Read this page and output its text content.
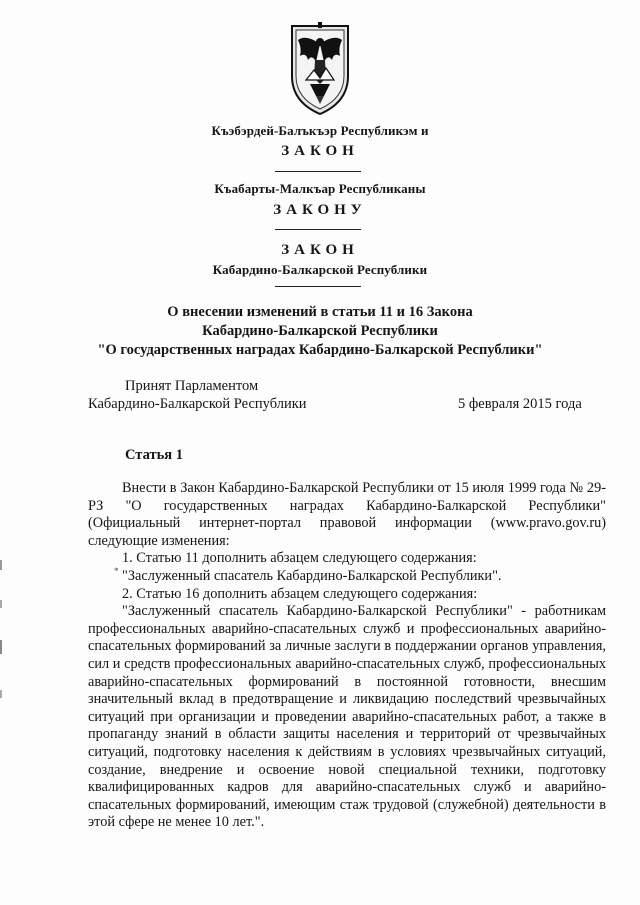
Къэбэрдей-Балъкъэр Республикэм и
ЗАКОН
Къабарты-Малкъар Республиканы
ЗАКОНУ
ЗАКОН
Кабардино-Балкарской Республики
О внесении изменений в статьи 11 и 16 Закона
Кабардино-Балкарской Республики
"О государственных наградах Кабардино-Балкарской Республики"
Принят Парламентом
Кабардино-Балкарской Республики	5 февраля 2015 года
Статья 1

Внести в Закон Кабардино-Балкарской Республики от 15 июля 1999 года № 29-РЗ "О государственных наградах Кабардино-Балкарской Республики" (Официальный интернет-портал правовой информации (www.pravo.gov.ru) следующие изменения:

1. Статью 11 дополнить абзацем следующего содержания:

"Заслуженный спасатель Кабардино-Балкарской Республики".

2. Статью 16 дополнить абзацем следующего содержания:

"Заслуженный спасатель Кабардино-Балкарской Республики" - работникам профессиональных аварийно-спасательных служб и профессиональных аварийно-спасательных формирований за личные заслуги в поддержании органов управления, сил и средств профессиональных аварийно-спасательных служб, профессиональных аварийно-спасательных формирований в постоянной готовности, внесшим значительный вклад в предотвращение и ликвидацию последствий чрезвычайных ситуаций при организации и проведении аварийно-спасательных работ, а также в пропаганду знаний в области защиты населения и территорий от чрезвычайных ситуаций, подготовку населения к действиям в условиях чрезвычайных ситуаций, создание, внедрение и освоение новой специальной техники, подготовку квалифицированных кадров для аварийно-спасательных служб и аварийно-спасательных формирований, имеющим стаж трудовой (служебной) деятельности в этой сфере не менее 10 лет.".

*
